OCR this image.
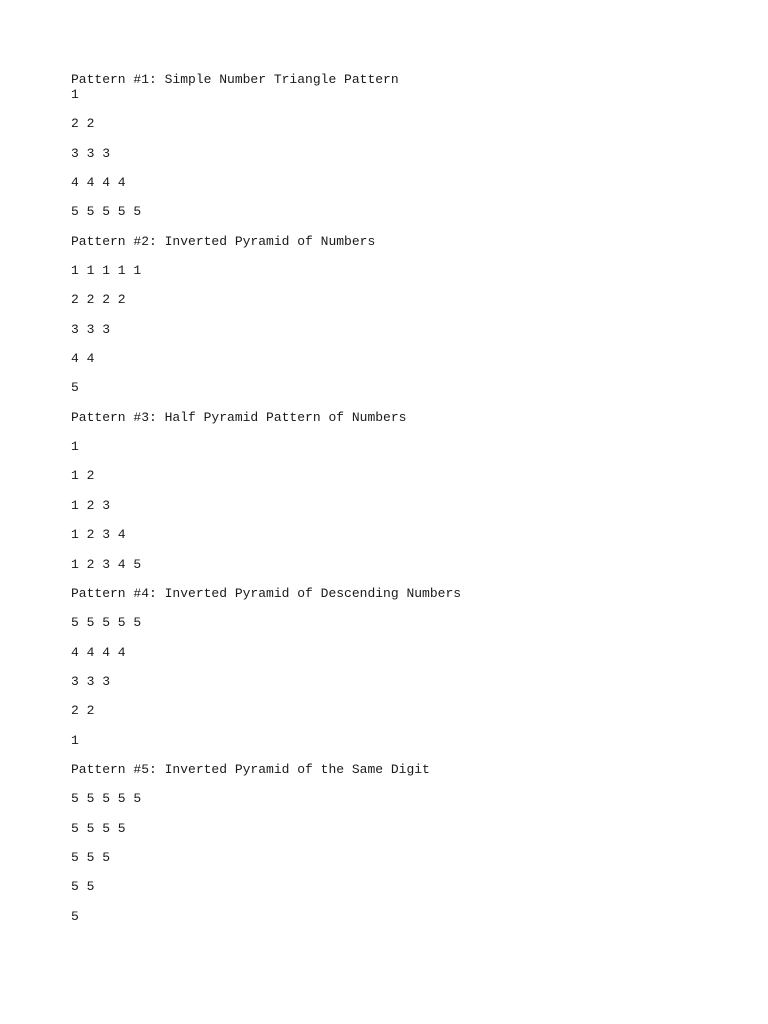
Pattern #1: Simple Number Triangle Pattern
1
2 2
3 3 3
4 4 4 4
5 5 5 5 5
Pattern #2: Inverted Pyramid of Numbers
1 1 1 1 1
2 2 2 2
3 3 3
4 4
5
Pattern #3: Half Pyramid Pattern of Numbers
1
1 2
1 2 3
1 2 3 4
1 2 3 4 5
Pattern #4: Inverted Pyramid of Descending Numbers
5 5 5 5 5
4 4 4 4
3 3 3
2 2
1
Pattern #5: Inverted Pyramid of the Same Digit
5 5 5 5 5
5 5 5 5
5 5 5
5 5
5
